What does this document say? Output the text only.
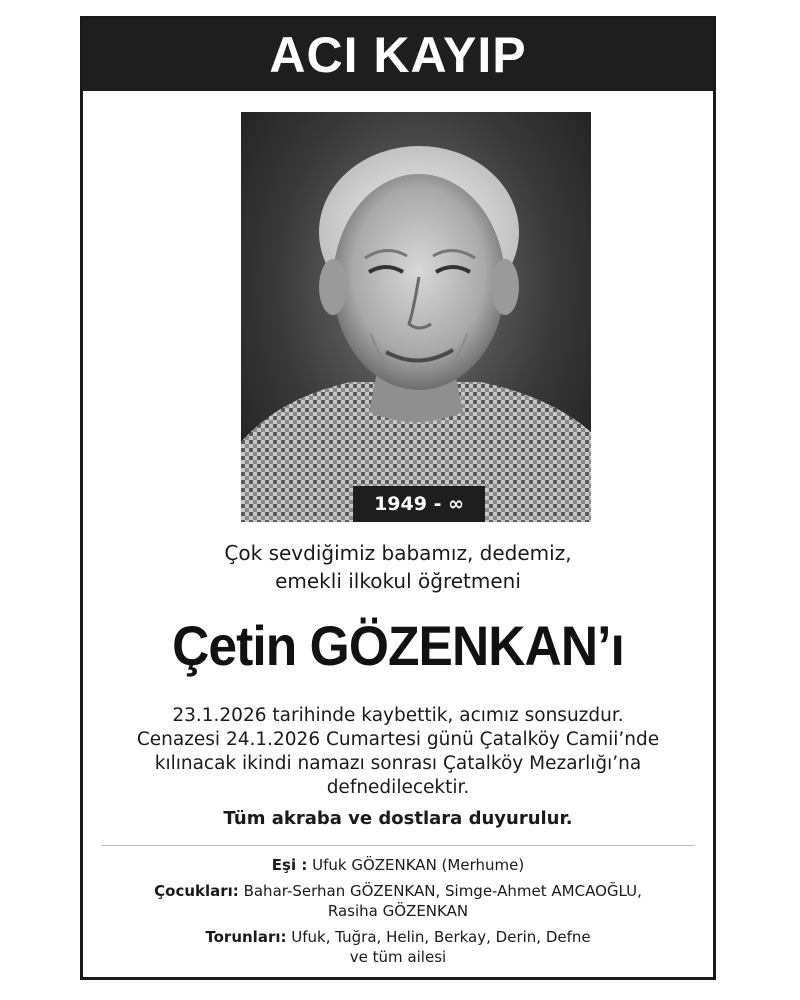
ACI KAYIP
1949 - ∞
Çok sevdiğimiz babamız, dedemiz,
emekli ilkokul öğretmeni
Çetin GÖZENKAN’ı
23.1.2026 tarihinde kaybettik, acımız sonsuzdur.
Cenazesi 24.1.2026 Cumartesi günü Çatalköy Camii’nde
kılınacak ikindi namazı sonrası Çatalköy Mezarlığı’na
defnedilecektir.
Tüm akraba ve dostlara duyurulur.
Eşi : Ufuk GÖZENKAN (Merhume)
Çocukları: Bahar-Serhan GÖZENKAN, Simge-Ahmet AMCAOĞLU,
Rasiha GÖZENKAN
Torunları: Ufuk, Tuğra, Helin, Berkay, Derin, Defne
ve tüm ailesi
